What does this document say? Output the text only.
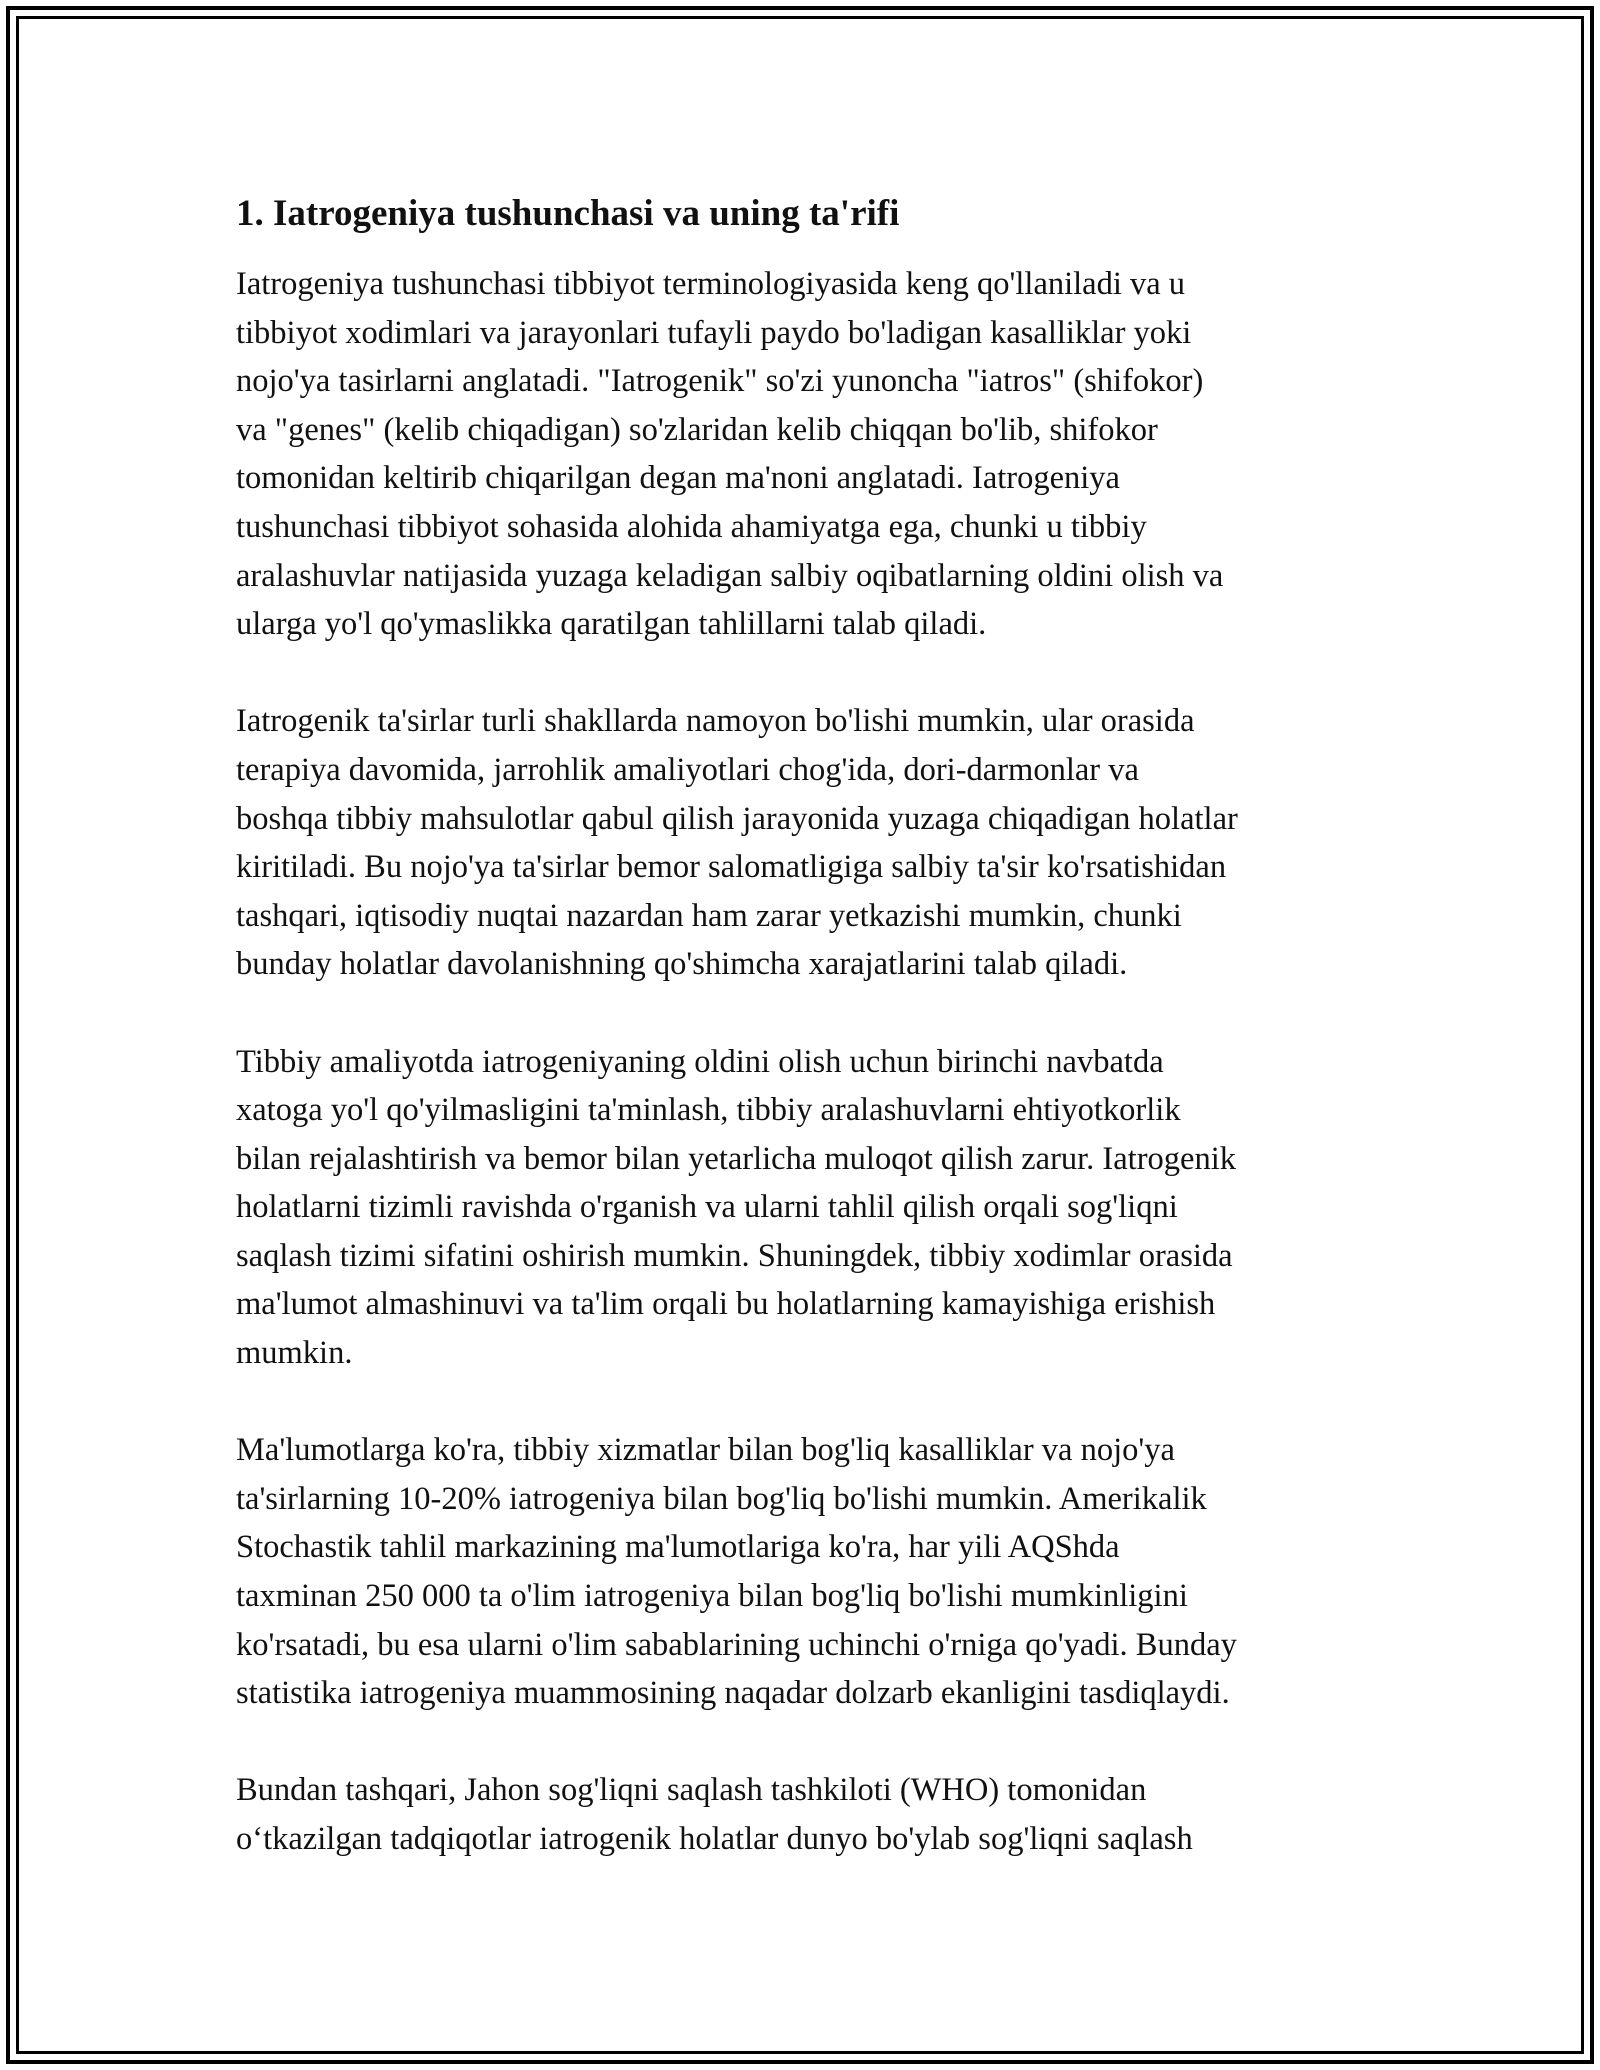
1. Iatrogeniya tushunchasi va uning ta'rifi
Iatrogeniya tushunchasi tibbiyot terminologiyasida keng qo'llaniladi va u
tibbiyot xodimlari va jarayonlari tufayli paydo bo'ladigan kasalliklar yoki
nojo'ya tasirlarni anglatadi. "Iatrogenik" so'zi yunoncha "iatros" (shifokor)
va "genes" (kelib chiqadigan) so'zlaridan kelib chiqqan bo'lib, shifokor
tomonidan keltirib chiqarilgan degan ma'noni anglatadi. Iatrogeniya
tushunchasi tibbiyot sohasida alohida ahamiyatga ega, chunki u tibbiy
aralashuvlar natijasida yuzaga keladigan salbiy oqibatlarning oldini olish va
ularga yo'l qo'ymaslikka qaratilgan tahlillarni talab qiladi.
Iatrogenik ta'sirlar turli shakllarda namoyon bo'lishi mumkin, ular orasida
terapiya davomida, jarrohlik amaliyotlari chog'ida, dori-darmonlar va
boshqa tibbiy mahsulotlar qabul qilish jarayonida yuzaga chiqadigan holatlar
kiritiladi. Bu nojo'ya ta'sirlar bemor salomatligiga salbiy ta'sir ko'rsatishidan
tashqari, iqtisodiy nuqtai nazardan ham zarar yetkazishi mumkin, chunki
bunday holatlar davolanishning qo'shimcha xarajatlarini talab qiladi.
Tibbiy amaliyotda iatrogeniyaning oldini olish uchun birinchi navbatda
xatoga yo'l qo'yilmasligini ta'minlash, tibbiy aralashuvlarni ehtiyotkorlik
bilan rejalashtirish va bemor bilan yetarlicha muloqot qilish zarur. Iatrogenik
holatlarni tizimli ravishda o'rganish va ularni tahlil qilish orqali sog'liqni
saqlash tizimi sifatini oshirish mumkin. Shuningdek, tibbiy xodimlar orasida
ma'lumot almashinuvi va ta'lim orqali bu holatlarning kamayishiga erishish
mumkin.
Ma'lumotlarga ko'ra, tibbiy xizmatlar bilan bog'liq kasalliklar va nojo'ya
ta'sirlarning 10-20% iatrogeniya bilan bog'liq bo'lishi mumkin. Amerikalik
Stochastik tahlil markazining ma'lumotlariga ko'ra, har yili AQShda
taxminan 250 000 ta o'lim iatrogeniya bilan bog'liq bo'lishi mumkinligini
ko'rsatadi, bu esa ularni o'lim sabablarining uchinchi o'rniga qo'yadi. Bunday
statistika iatrogeniya muammosining naqadar dolzarb ekanligini tasdiqlaydi.
Bundan tashqari, Jahon sog'liqni saqlash tashkiloti (WHO) tomonidan
o‘tkazilgan tadqiqotlar iatrogenik holatlar dunyo bo'ylab sog'liqni saqlash
